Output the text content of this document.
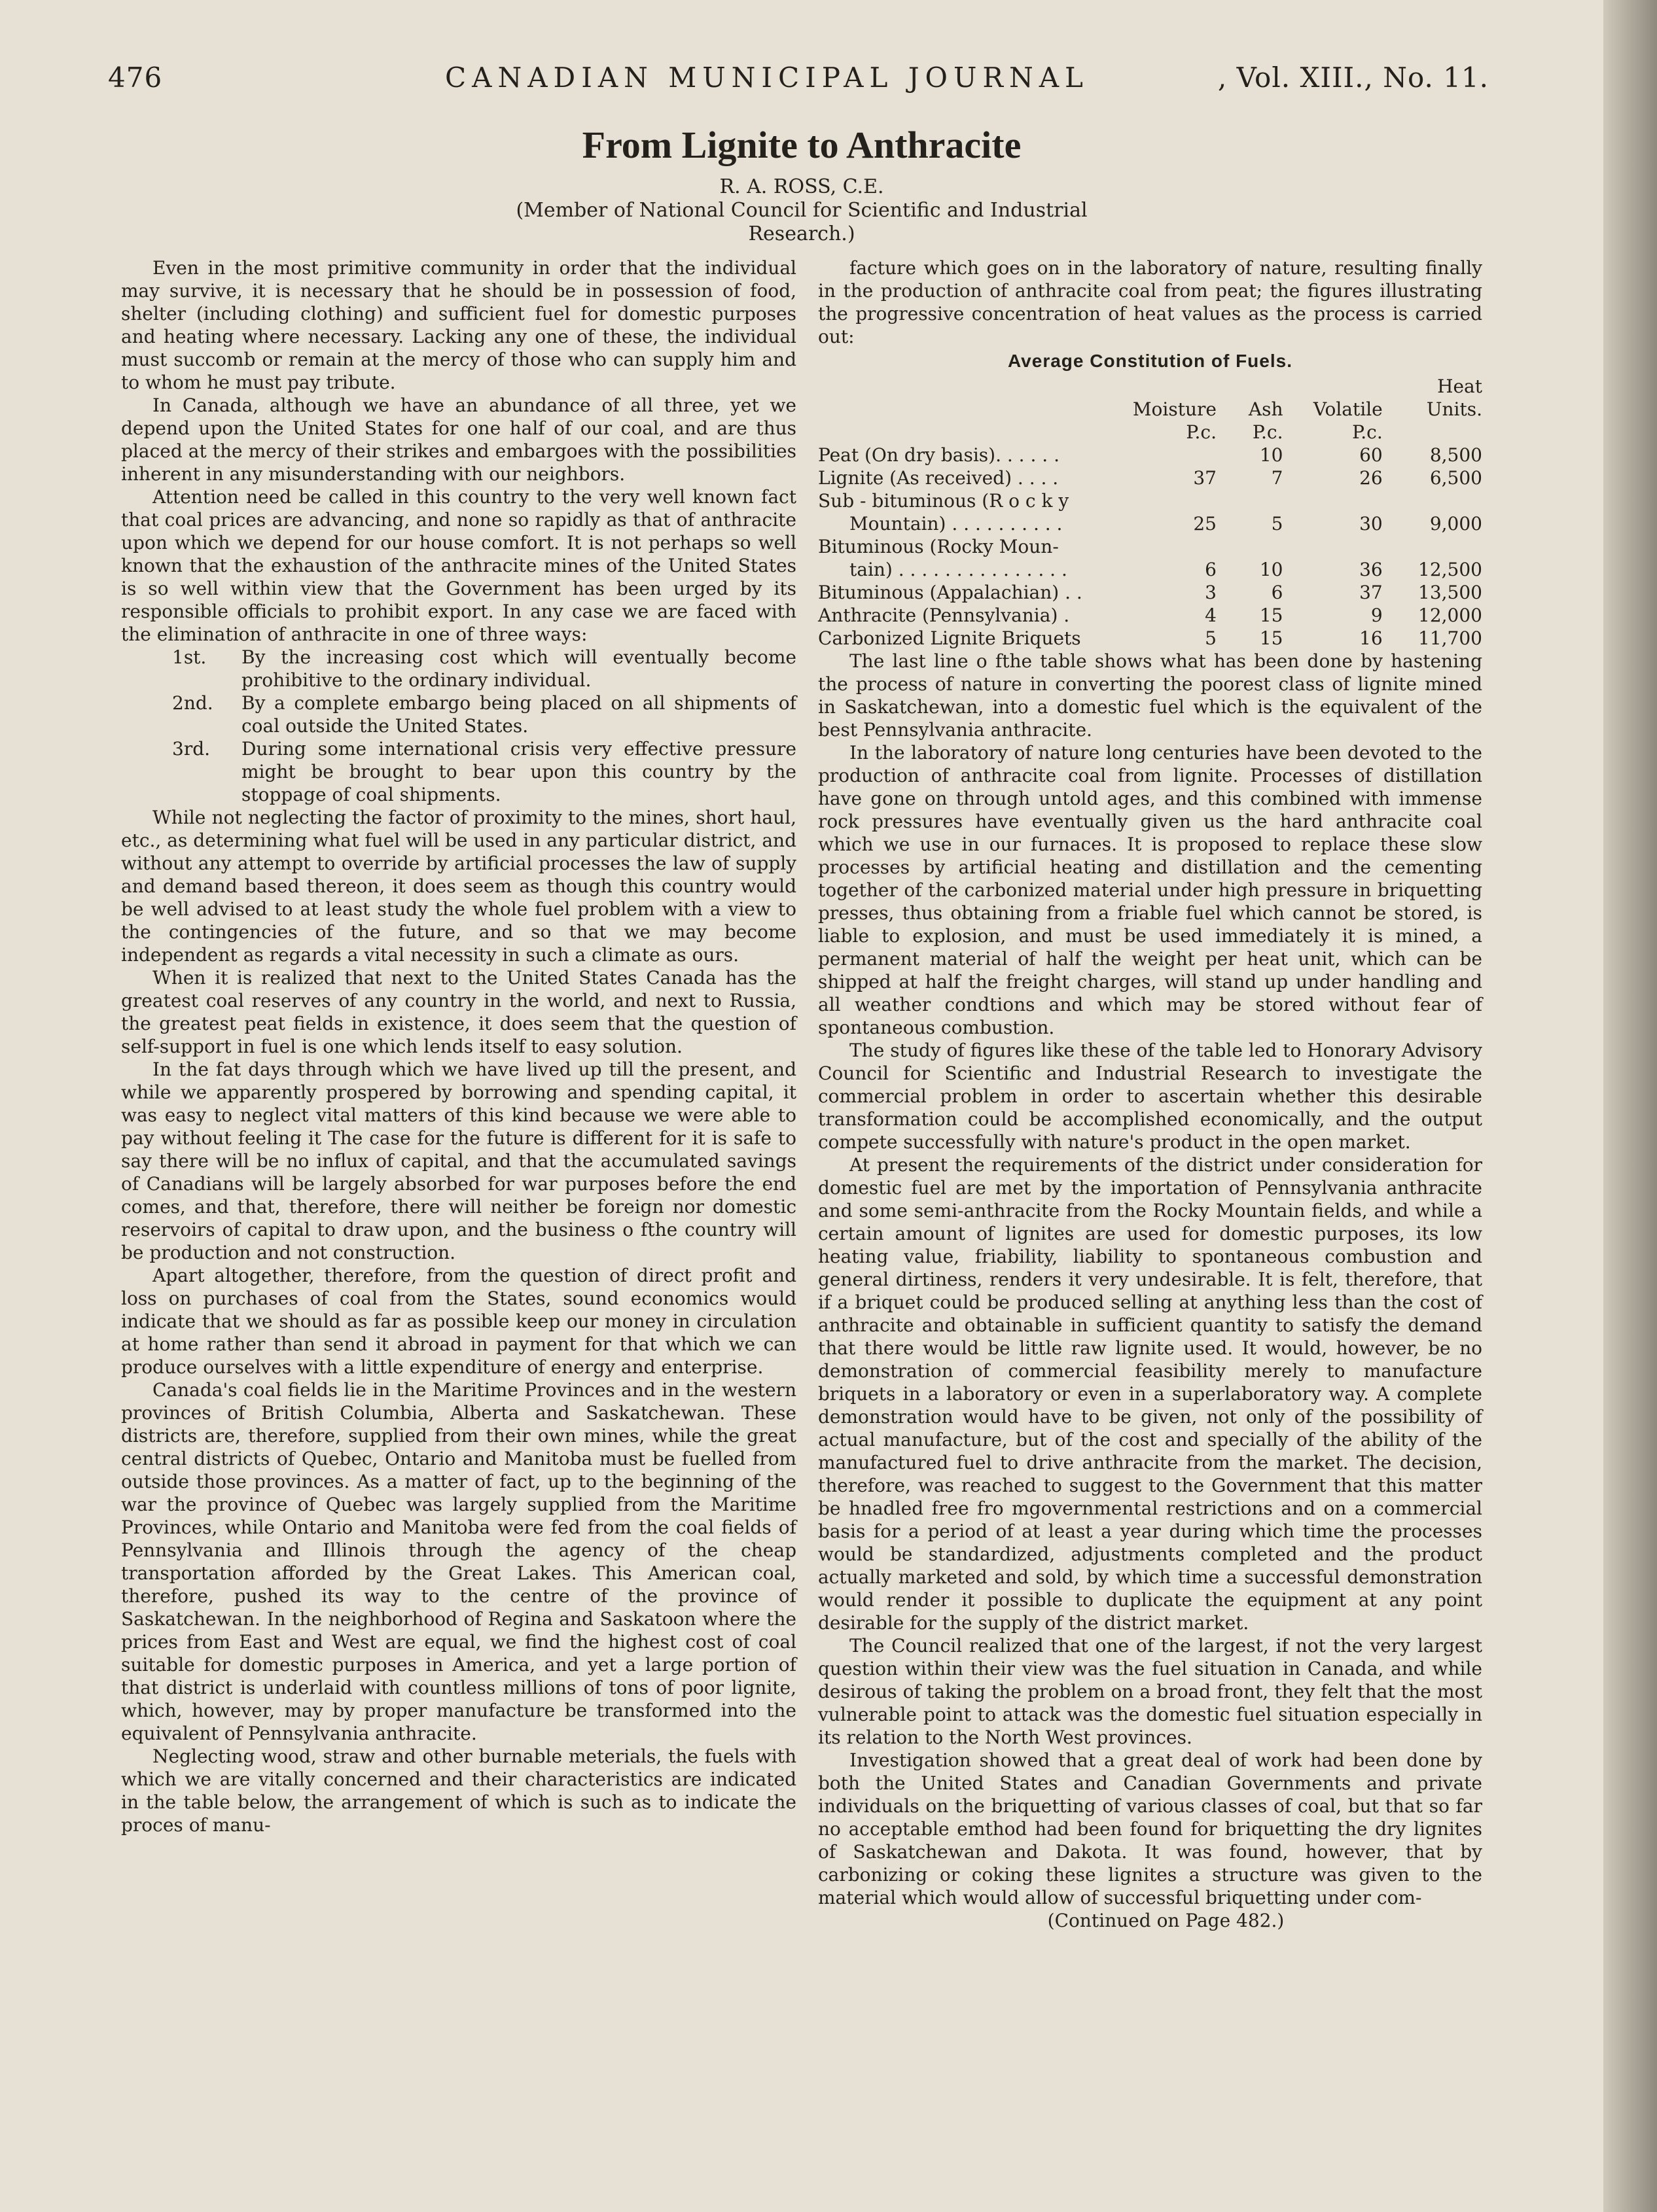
476	CANADIAN MUNICIPAL JOURNAL	, Vol. XIII., No. 11.
From Lignite to Anthracite
R. A. ROSS, C.E.
(Member of National Council for Scientific and Industrial
Research.)

Even in the most primitive community in order that the individual may survive, it is necessary that he should be in possession of food, shelter (including clothing) and sufficient fuel for domestic purposes and heating where necessary. Lacking any one of these, the individual must succomb or remain at the mercy of those who can supply him and to whom he must pay tribute.

In Canada, although we have an abundance of all three, yet we depend upon the United States for one half of our coal, and are thus placed at the mercy of their strikes and embargoes with the possibilities inherent in any misunderstanding with our neighbors.

Attention need be called in this country to the very well known fact that coal prices are advancing, and none so rapidly as that of anthracite upon which we depend for our house comfort. It is not perhaps so well known that the exhaustion of the anthracite mines of the United States is so well within view that the Government has been urged by its responsible officials to prohibit export. In any case we are faced with the elimination of anthracite in one of three ways:

1st. By the increasing cost which will eventually become prohibitive to the ordinary individual.
2nd. By a complete embargo being placed on all shipments of coal outside the United States.
3rd. During some international crisis very effective pressure might be brought to bear upon this country by the stoppage of coal shipments.

While not neglecting the factor of proximity to the mines, short haul, etc., as determining what fuel will be used in any particular district, and without any attempt to override by artificial processes the law of supply and demand based thereon, it does seem as though this country would be well advised to at least study the whole fuel problem with a view to the contingencies of the future, and so that we may become independent as regards a vital necessity in such a climate as ours.

When it is realized that next to the United States Canada has the greatest coal reserves of any country in the world, and next to Russia, the greatest peat fields in existence, it does seem that the question of self-support in fuel is one which lends itself to easy solution.

In the fat days through which we have lived up till the present, and while we apparently prospered by borrowing and spending capital, it was easy to neglect vital matters of this kind because we were able to pay without feeling it The case for the future is different for it is safe to say there will be no influx of capital, and that the accumulated savings of Canadians will be largely absorbed for war purposes before the end comes, and that, therefore, there will neither be foreign nor domestic reservoirs of capital to draw upon, and the business o fthe country will be production and not construction.

Apart altogether, therefore, from the question of direct profit and loss on purchases of coal from the States, sound economics would indicate that we should as far as possible keep our money in circulation at home rather than send it abroad in payment for that which we can produce ourselves with a little expenditure of energy and enterprise.

Canada's coal fields lie in the Maritime Provinces and in the western provinces of British Columbia, Alberta and Saskatchewan. These districts are, therefore, supplied from their own mines, while the great central districts of Quebec, Ontario and Manitoba must be fuelled from outside those provinces. As a matter of fact, up to the beginning of the war the province of Quebec was largely supplied from the Maritime Provinces, while Ontario and Manitoba were fed from the coal fields of Pennsylvania and Illinois through the agency of the cheap transportation afforded by the Great Lakes. This American coal, therefore, pushed its way to the centre of the province of Saskatchewan. In the neighborhood of Regina and Saskatoon where the prices from East and West are equal, we find the highest cost of coal suitable for domestic purposes in America, and yet a large portion of that district is underlaid with countless millions of tons of poor lignite, which, however, may by proper manufacture be transformed into the equivalent of Pennsylvania anthracite.

Neglecting wood, straw and other burnable meterials, the fuels with which we are vitally concerned and their characteristics are indicated in the table below, the arrangement of which is such as to indicate the proces of manu-

facture which goes on in the laboratory of nature, resulting finally in the production of anthracite coal from peat; the figures illustrating the progressive concentration of heat values as the process is carried out:

Average Constitution of Fuels.
				Heat
	Moisture	Ash	Volatile	Units.
	P.c.	P.c.	P.c.	
Peat (On dry basis). . . . . .		10	60	8,500
Lignite (As received) . . . .	37	7	26	6,500

Sub - bituminous (R o c k y
Mountain) . . . . . . . . . .	25	5	30	9,000

Bituminous (Rocky Moun-
tain) . . . . . . . . . . . . . . .	6	10	36	12,500
Bituminous (Appalachian) . .	3	6	37	13,500
Anthracite (Pennsylvania) .	4	15	9	12,000
Carbonized Lignite Briquets	5	15	16	11,700

The last line o fthe table shows what has been done by hastening the process of nature in converting the poorest class of lignite mined in Saskatchewan, into a domestic fuel which is the equivalent of the best Pennsylvania anthracite.

In the laboratory of nature long centuries have been devoted to the production of anthracite coal from lignite. Processes of distillation have gone on through untold ages, and this combined with immense rock pressures have eventually given us the hard anthracite coal which we use in our furnaces. It is proposed to replace these slow processes by artificial heating and distillation and the cementing together of the carbonized material under high pressure in briquetting presses, thus obtaining from a friable fuel which cannot be stored, is liable to explosion, and must be used immediately it is mined, a permanent material of half the weight per heat unit, which can be shipped at half the freight charges, will stand up under handling and all weather condtions and which may be stored without fear of spontaneous combustion.

The study of figures like these of the table led to Honorary Advisory Council for Scientific and Industrial Research to investigate the commercial problem in order to ascertain whether this desirable transformation could be accomplished economically, and the output compete successfully with nature's product in the open market.

At present the requirements of the district under consideration for domestic fuel are met by the importation of Pennsylvania anthracite and some semi-anthracite from the Rocky Mountain fields, and while a certain amount of lignites are used for domestic purposes, its low heating value, friability, liability to spontaneous combustion and general dirtiness, renders it very undesirable. It is felt, therefore, that if a briquet could be produced selling at anything less than the cost of anthracite and obtainable in sufficient quantity to satisfy the demand that there would be little raw lignite used. It would, however, be no demonstration of commercial feasibility merely to manufacture briquets in a laboratory or even in a superlaboratory way. A complete demonstration would have to be given, not only of the possibility of actual manufacture, but of the cost and specially of the ability of the manufactured fuel to drive anthracite from the market. The decision, therefore, was reached to suggest to the Government that this matter be hnadled free fro mgovernmental restrictions and on a commercial basis for a period of at least a year during which time the processes would be standardized, adjustments completed and the product actually marketed and sold, by which time a successful demonstration would render it possible to duplicate the equipment at any point desirable for the supply of the district market.

The Council realized that one of the largest, if not the very largest question within their view was the fuel situation in Canada, and while desirous of taking the problem on a broad front, they felt that the most vulnerable point to attack was the domestic fuel situation especially in its relation to the North West provinces.

Investigation showed that a great deal of work had been done by both the United States and Canadian Governments and private individuals on the briquetting of various classes of coal, but that so far no acceptable emthod had been found for briquetting the dry lignites of Saskatchewan and Dakota. It was found, however, that by carbonizing or coking these lignites a structure was given to the material which would allow of successful briquetting under com-

(Continued on Page 482.)
